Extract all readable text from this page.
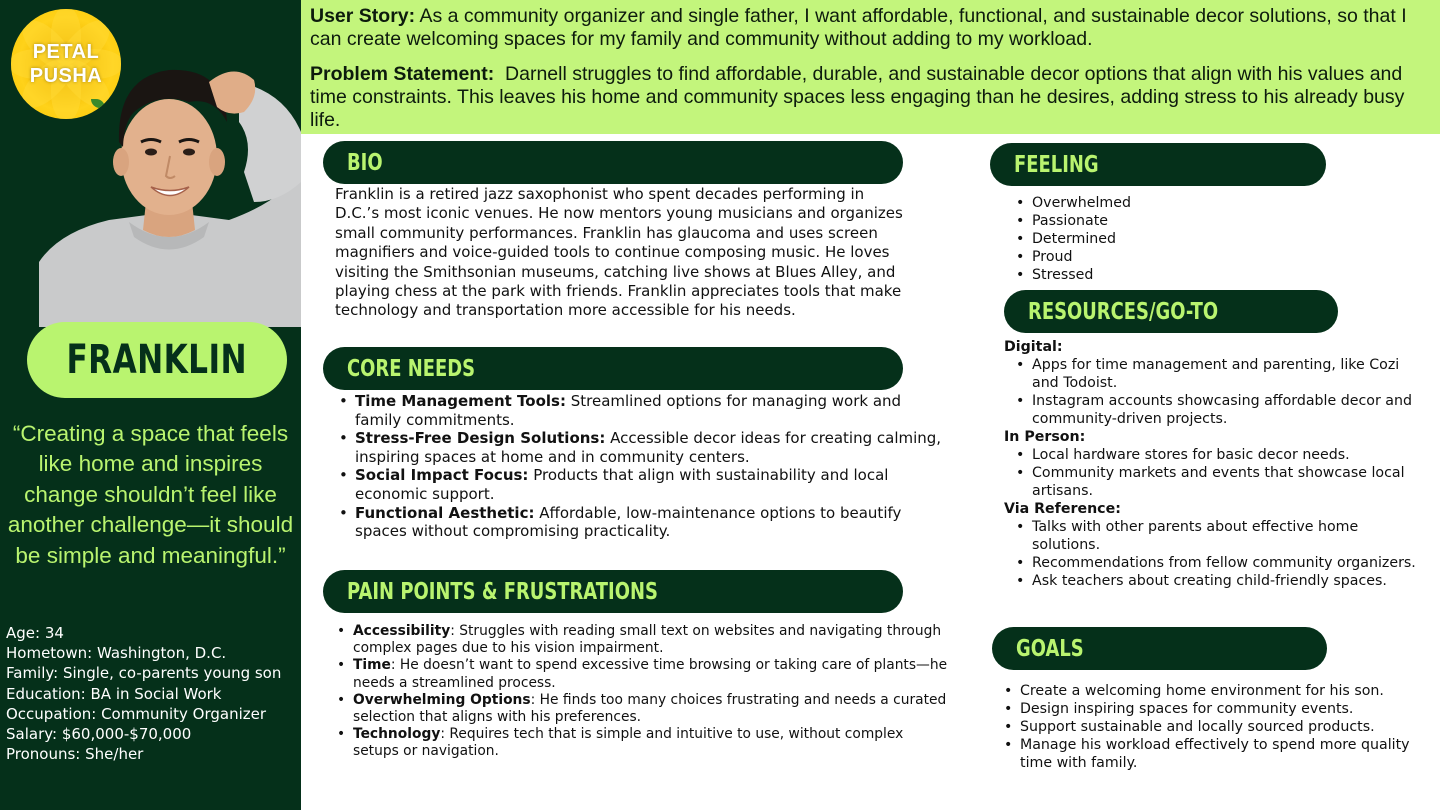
PETAL
PUSHA
FRANKLIN
“Creating a space that feels like home and inspires change shouldn’t feel like another challenge—it should be simple and meaningful.”
Age: 34
Hometown: Washington, D.C.
Family: Single, co-parents young son
Education: BA in Social Work
Occupation: Community Organizer
Salary: $60,000-$70,000
Pronouns: She/her

User Story: As a community organizer and single father, I want affordable, functional, and sustainable decor solutions, so that I can create welcoming spaces for my family and community without adding to my workload.

Problem Statement:  Darnell struggles to find affordable, durable, and sustainable decor options that align with his values and time constraints. This leaves his home and community spaces less engaging than he desires, adding stress to his already busy life.

BIO
Franklin is a retired jazz saxophonist who spent decades performing in D.C.’s most iconic venues. He now mentors young musicians and organizes small community performances. Franklin has glaucoma and uses screen magnifiers and voice-guided tools to continue composing music. He loves visiting the Smithsonian museums, catching live shows at Blues Alley, and playing chess at the park with friends. Franklin appreciates tools that make technology and transportation more accessible for his needs.
CORE NEEDS
• Time Management Tools: Streamlined options for managing work and family commitments.
• Stress-Free Design Solutions: Accessible decor ideas for creating calming, inspiring spaces at home and in community centers.
• Social Impact Focus: Products that align with sustainability and local economic support.
• Functional Aesthetic: Affordable, low-maintenance options to beautify spaces without compromising practicality.
PAIN POINTS & FRUSTRATIONS
• Accessibility: Struggles with reading small text on websites and navigating through complex pages due to his vision impairment.
• Time: He doesn’t want to spend excessive time browsing or taking care of plants—he needs a streamlined process.
• Overwhelming Options: He finds too many choices frustrating and needs a curated selection that aligns with his preferences.
• Technology: Requires tech that is simple and intuitive to use, without complex setups or navigation.
FEELING
• Overwhelmed
• Passionate
• Determined
• Proud
• Stressed
RESOURCES/GO-TO
Digital:
• Apps for time management and parenting, like Cozi and Todoist.
• Instagram accounts showcasing affordable decor and community-driven projects.
In Person:
• Local hardware stores for basic decor needs.
• Community markets and events that showcase local artisans.
Via Reference:
• Talks with other parents about effective home solutions.
• Recommendations from fellow community organizers.
• Ask teachers about creating child-friendly spaces.
GOALS
• Create a welcoming home environment for his son.
• Design inspiring spaces for community events.
• Support sustainable and locally sourced products.
• Manage his workload effectively to spend more quality time with family.
